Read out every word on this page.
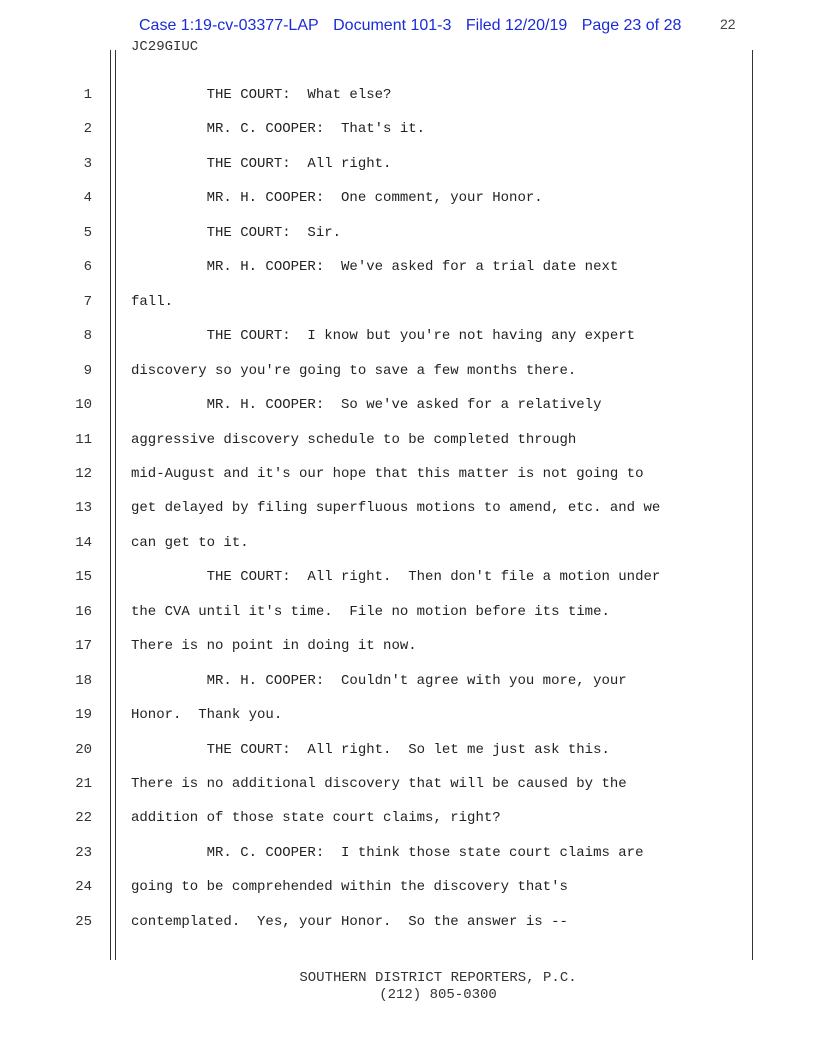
Case 1:19-cv-03377-LAP Document 101-3 Filed 12/20/19 Page 23 of 28	22
JC29GIUC
1	THE COURT:  What else?
2	MR. C. COOPER:  That's it.
3	THE COURT:  All right.
4	MR. H. COOPER:  One comment, your Honor.
5	THE COURT:  Sir.
6	MR. H. COOPER:  We've asked for a trial date next
7	fall.
8	THE COURT:  I know but you're not having any expert
9	discovery so you're going to save a few months there.
10	MR. H. COOPER:  So we've asked for a relatively
11	aggressive discovery schedule to be completed through
12	mid-August and it's our hope that this matter is not going to
13	get delayed by filing superfluous motions to amend, etc. and we
14	can get to it.
15	THE COURT:  All right.  Then don't file a motion under
16	the CVA until it's time.  File no motion before its time.
17	There is no point in doing it now.
18	MR. H. COOPER:  Couldn't agree with you more, your
19	Honor.  Thank you.
20	THE COURT:  All right.  So let me just ask this.
21	There is no additional discovery that will be caused by the
22	addition of those state court claims, right?
23	MR. C. COOPER:  I think those state court claims are
24	going to be comprehended within the discovery that's
25	contemplated.  Yes, your Honor.  So the answer is --
SOUTHERN DISTRICT REPORTERS, P.C.
(212) 805-0300
